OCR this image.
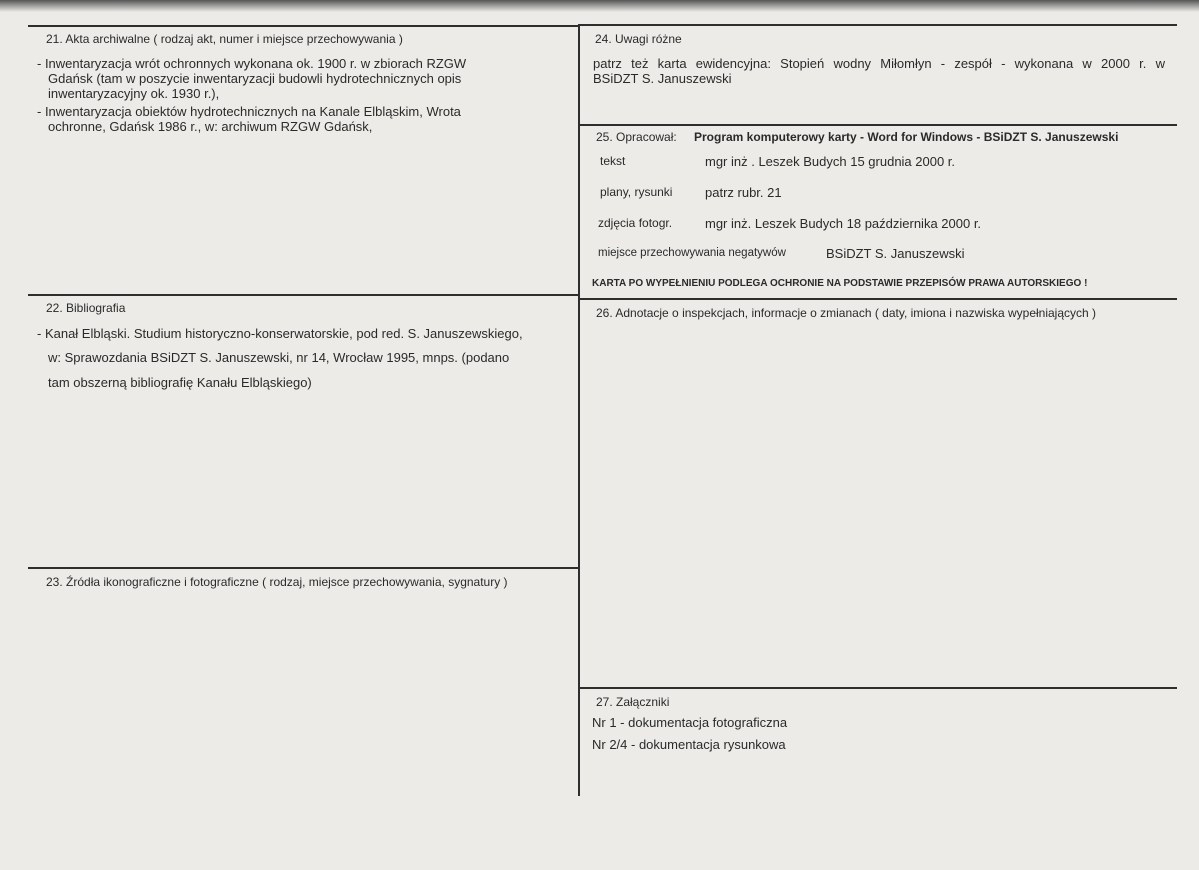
21. Akta archiwalne ( rodzaj akt, numer i miejsce przechowywania )
- Inwentaryzacja wrót ochronnych wykonana ok. 1900 r. w zbiorach RZGW
Gdańsk (tam w poszycie inwentaryzacji budowli hydrotechnicznych opis
inwentaryzacyjny ok. 1930 r.),
- Inwentaryzacja obiektów hydrotechnicznych na Kanale Elbląskim, Wrota
ochronne, Gdańsk 1986 r., w: archiwum RZGW Gdańsk,
22. Bibliografia
- Kanał Elbląski. Studium historyczno-konserwatorskie, pod red. S. Januszewskiego,
w: Sprawozdania BSiDZT S. Januszewski, nr 14, Wrocław 1995, mnps. (podano
tam obszerną bibliografię Kanału Elbląskiego)
23. Źródła ikonograficzne i fotograficzne ( rodzaj, miejsce przechowywania, sygnatury )
24. Uwagi różne
patrz też karta ewidencyjna: Stopień wodny Miłomłyn - zespół - wykonana w 2000 r. w
BSiDZT S. Januszewski
25. Opracował: Program komputerowy karty - Word for Windows - BSiDZT S. Januszewski
tekst	mgr inż . Leszek Budych 15 grudnia 2000 r.
plany, rysunki	patrz rubr. 21
zdjęcia fotogr.	mgr inż. Leszek Budych 18 października 2000 r.
miejsce przechowywania negatywów	BSiDZT S. Januszewski
KARTA PO WYPEŁNIENIU PODLEGA OCHRONIE NA PODSTAWIE PRZEPISÓW PRAWA AUTORSKIEGO !
26. Adnotacje o inspekcjach, informacje o zmianach ( daty, imiona i nazwiska wypełniających )
27. Załączniki
Nr 1 - dokumentacja fotograficzna
Nr 2/4 - dokumentacja rysunkowa
